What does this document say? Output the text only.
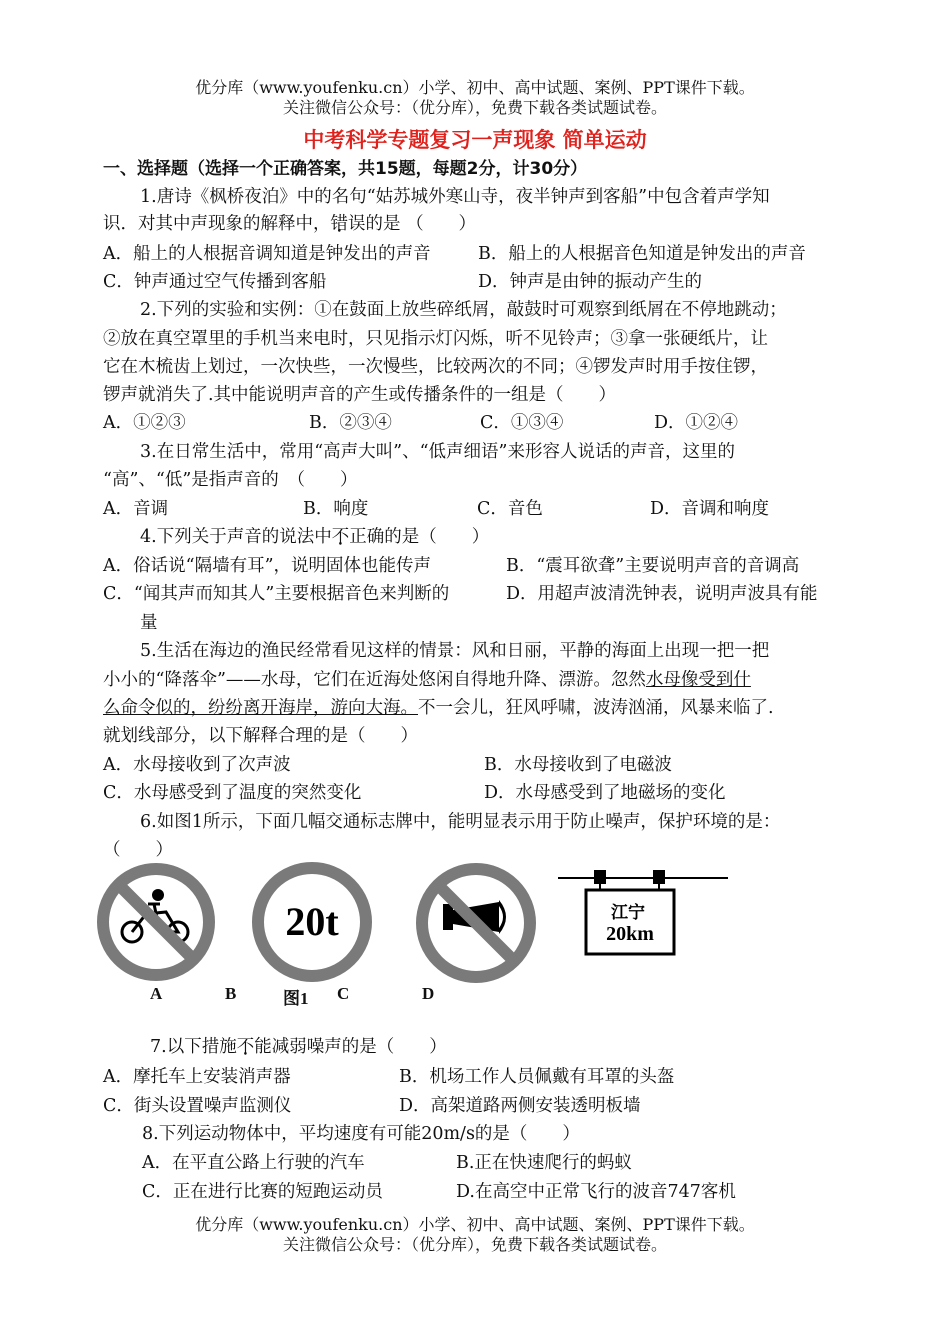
优分库（www.youfenku.cn）小学、初中、高中试题、案例、PPT课件下载。
关注微信公众号：（优分库），免费下载各类试题试卷。
中考科学专题复习一声现象 简单运动
一、选择题（选择一个正确答案，共15题，每题2分，计30分）
1.唐诗《枫桥夜泊》中的名句“姑苏城外寒山寺，夜半钟声到客船”中包含着声学知
识．对其中声现象的解释中，错误的是 （　　）
A．船上的人根据音调知道是钟发出的声音	B．船上的人根据音色知道是钟发出的声音
C．钟声通过空气传播到客船	D．钟声是由钟的振动产生的
2.下列的实验和实例：①在鼓面上放些碎纸屑，敲鼓时可观察到纸屑在不停地跳动；
②放在真空罩里的手机当来电时，只见指示灯闪烁，听不见铃声；③拿一张硬纸片，让
它在木梳齿上划过，一次快些，一次慢些，比较两次的不同；④锣发声时用手按住锣，
锣声就消失了.其中能说明声音的产生或传播条件的一组是（　　）
A．①②③	B．②③④	C．①③④	D．①②④
3.在日常生活中，常用“高声大叫”、“低声细语”来形容人说话的声音，这里的
“高”、“低”是指声音的　（　　）
A．音调	B．响度	C．音色	D．音调和响度
4.下列关于声音的说法中不正确的是（　　）
A．俗话说“隔墙有耳”，说明固体也能传声	B．“震耳欲聋”主要说明声音的音调高
C．“闻其声而知其人”主要根据音色来判断的	D．用超声波清洗钟表，说明声波具有能
量
5.生活在海边的渔民经常看见这样的情景：风和日丽，平静的海面上出现一把一把
小小的“降落伞”——水母，它们在近海处悠闲自得地升降、漂游。忽然水母像受到什
么命令似的，纷纷离开海岸，游向大海。不一会儿，狂风呼啸，波涛汹涌，风暴来临了.
就划线部分，以下解释合理的是（　　）
A．水母接收到了次声波	B．水母接收到了电磁波
C．水母感受到了温度的突然变化	D．水母感受到了地磁场的变化
6.如图1所示，下面几幅交通标志牌中，能明显表示用于防止噪声，保护环境的是：
（　　）
20t	江宁
20km
A	B	图1 C	D
7.以下措施不能减弱噪声的是（　　）
A．摩托车上安装消声器	B．机场工作人员佩戴有耳罩的头盔
C．街头设置噪声监测仪	D．高架道路两侧安装透明板墙
8.下列运动物体中，平均速度有可能20m/s的是（　　）
A．在平直公路上行驶的汽车	B.正在快速爬行的蚂蚁
C．正在进行比赛的短跑运动员	D.在高空中正常飞行的波音747客机
优分库（www.youfenku.cn）小学、初中、高中试题、案例、PPT课件下载。
关注微信公众号：（优分库），免费下载各类试题试卷。
